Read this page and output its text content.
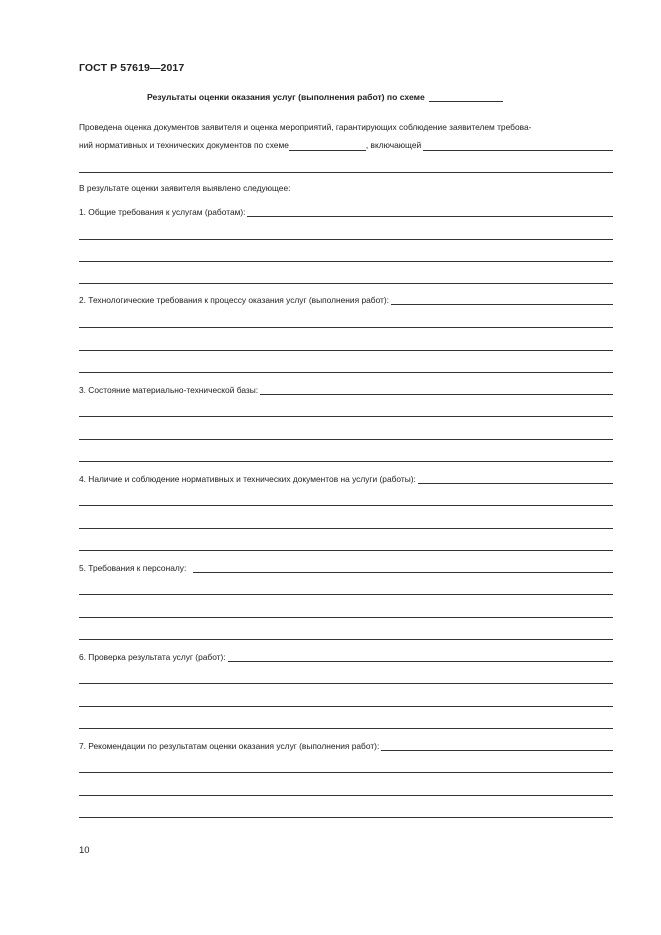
ГОСТ Р 57619—2017
Результаты оценки оказания услуг (выполнения работ) по схеме
Проведена оценка документов заявителя и оценка мероприятий, гарантирующих соблюдение заявителем требова-
ний нормативных и технических документов по схеме	, включающей
В результате оценки заявителя выявлено следующее:
1. Общие требования к услугам (работам):
2. Технологические требования к процессу оказания услуг (выполнения работ):
3. Состояние материально-технической базы:
4. Наличие и соблюдение нормативных и технических документов на услуги (работы):
5. Требования к персоналу:
6. Проверка результата услуг (работ):
7. Рекомендации по результатам оценки оказания услуг (выполнения работ):
10
